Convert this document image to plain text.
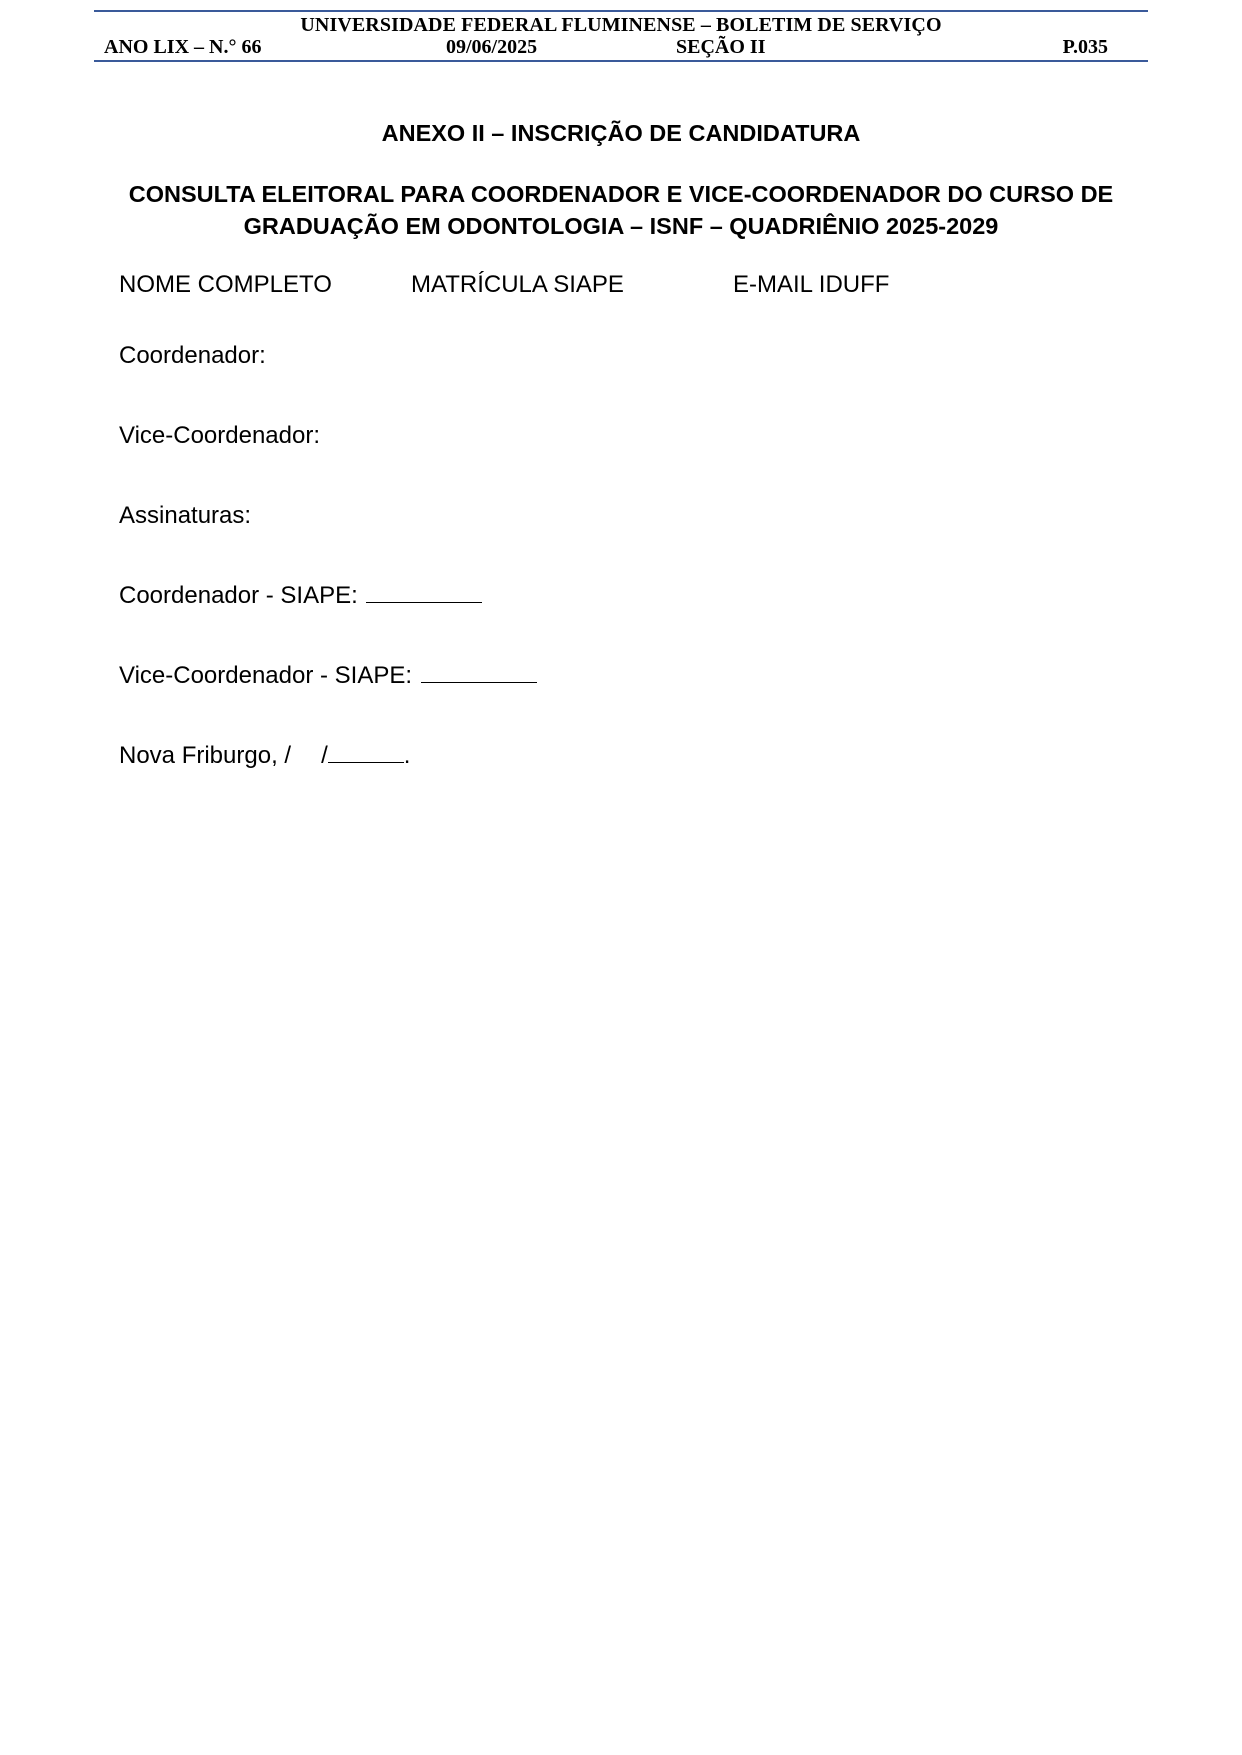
UNIVERSIDADE FEDERAL FLUMINENSE – BOLETIM DE SERVIÇO
ANO LIX – N.° 66	09/06/2025	SEÇÃO II	P.035
ANEXO II – INSCRIÇÃO DE CANDIDATURA
CONSULTA ELEITORAL PARA COORDENADOR E VICE-COORDENADOR DO CURSO DE GRADUAÇÃO EM ODONTOLOGIA – ISNF – QUADRIÊNIO 2025-2029
NOME COMPLETO	MATRÍCULA SIAPE	E-MAIL IDUFF
Coordenador:
Vice-Coordenador:
Assinaturas:
Coordenador - SIAPE:
Vice-Coordenador - SIAPE:
Nova Friburgo, / /	.
